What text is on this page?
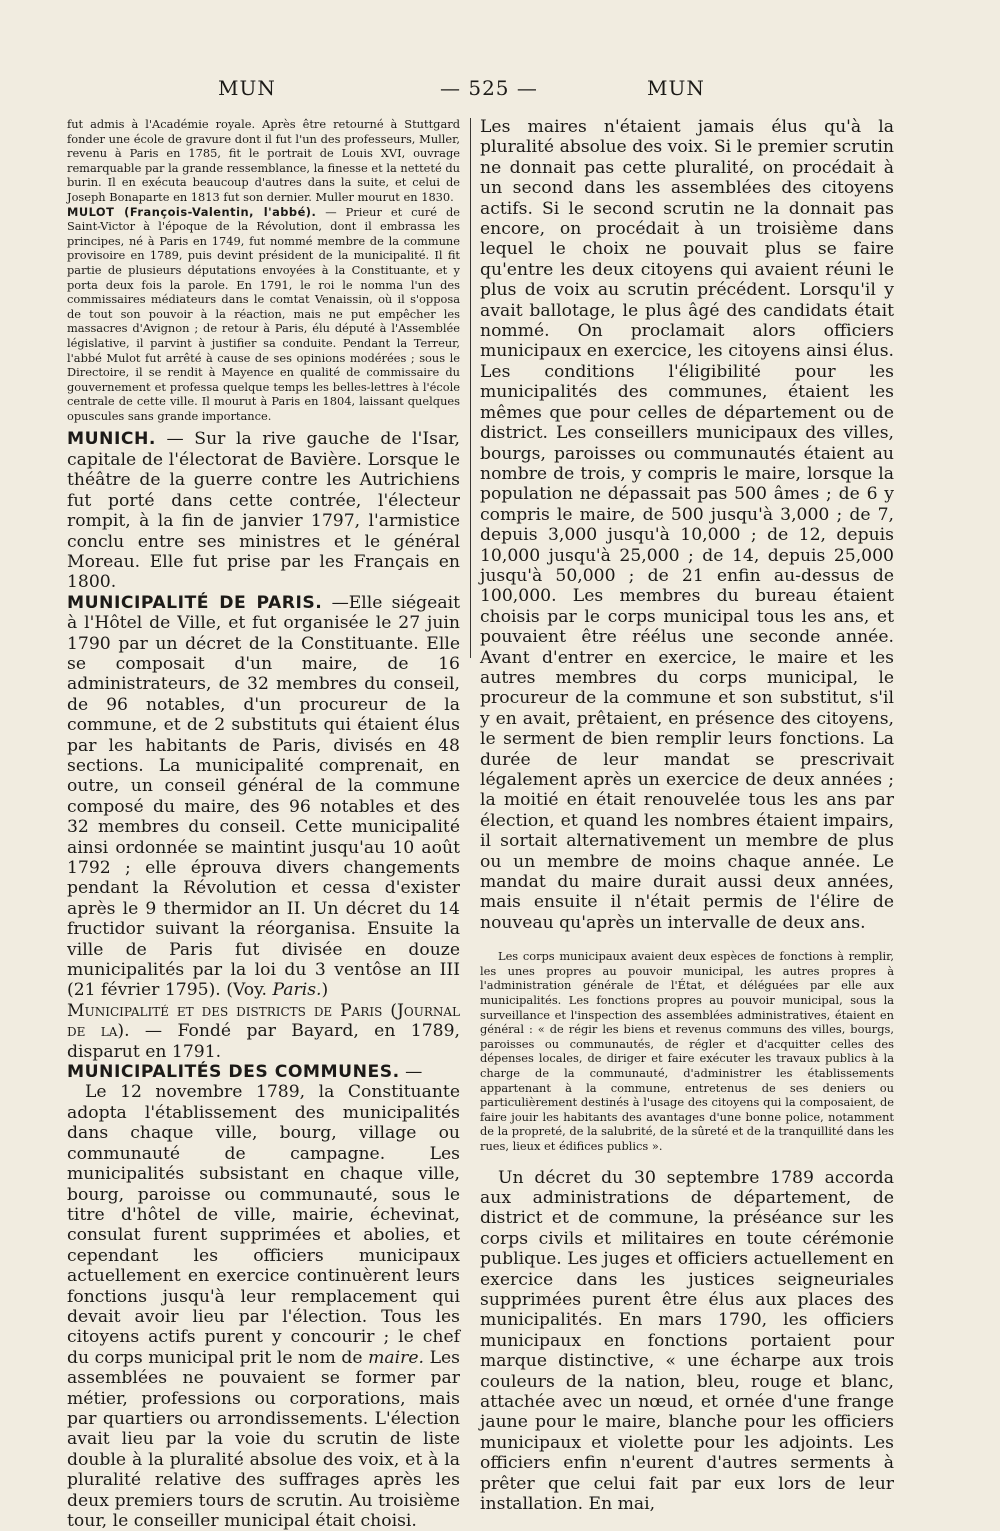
MUN	— 525 —	MUN

fut admis à l'Académie royale. Après être retourné à Stuttgard fonder une école de gravure dont il fut l'un des professeurs, Muller, revenu à Paris en 1785, fit le portrait de Louis XVI, ouvrage remarquable par la grande ressemblance, la finesse et la netteté du burin. Il en exécuta beaucoup d'autres dans la suite, et celui de Joseph Bonaparte en 1813 fut son dernier. Muller mourut en 1830.

MULOT (François-Valentin, l'abbé). — Prieur et curé de Saint-Victor à l'époque de la Révolution, dont il embrassa les principes, né à Paris en 1749, fut nommé membre de la commune provisoire en 1789, puis devint président de la municipalité. Il fit partie de plusieurs députations envoyées à la Constituante, et y porta deux fois la parole. En 1791, le roi le nomma l'un des commissaires médiateurs dans le comtat Venaissin, où il s'opposa de tout son pouvoir à la réaction, mais ne put empêcher les massacres d'Avignon ; de retour à Paris, élu député à l'Assemblée législative, il parvint à justifier sa conduite. Pendant la Terreur, l'abbé Mulot fut arrêté à cause de ses opinions modérées ; sous le Directoire, il se rendit à Mayence en qualité de commissaire du gouvernement et professa quelque temps les belles-lettres à l'école centrale de cette ville. Il mourut à Paris en 1804, laissant quelques opuscules sans grande importance.

MUNICH. — Sur la rive gauche de l'Isar, capitale de l'électorat de Bavière. Lorsque le théâtre de la guerre contre les Autrichiens fut porté dans cette contrée, l'électeur rompit, à la fin de janvier 1797, l'armistice conclu entre ses ministres et le général Moreau. Elle fut prise par les Français en 1800.

MUNICIPALITÉ DE PARIS. —Elle siégeait à l'Hôtel de Ville, et fut organisée le 27 juin 1790 par un décret de la Constituante. Elle se composait d'un maire, de 16 administrateurs, de 32 membres du conseil, de 96 notables, d'un procureur de la commune, et de 2 substituts qui étaient élus par les habitants de Paris, divisés en 48 sections. La municipalité comprenait, en outre, un conseil général de la commune composé du maire, des 96 notables et des 32 membres du conseil. Cette municipalité ainsi ordonnée se maintint jusqu'au 10 août 1792 ; elle éprouva divers changements pendant la Révolution et cessa d'exister après le 9 thermidor an II. Un décret du 14 fructidor suivant la réorganisa. Ensuite la ville de Paris fut divisée en douze municipalités par la loi du 3 ventôse an III (21 février 1795). (Voy. Paris.)

Municipalité et des districts de Paris (Journal de la). — Fondé par Bayard, en 1789, disparut en 1791.

MUNICIPALITÉS DES COMMUNES. —

Le 12 novembre 1789, la Constituante adopta l'établissement des municipalités dans chaque ville, bourg, village ou communauté de campagne. Les municipalités subsistant en chaque ville, bourg, paroisse ou communauté, sous le titre d'hôtel de ville, mairie, échevinat, consulat furent supprimées et abolies, et cependant les officiers municipaux actuellement en exercice continuèrent leurs fonctions jusqu'à leur remplacement qui devait avoir lieu par l'élection. Tous les citoyens actifs purent y concourir ; le chef du corps municipal prit le nom de maire. Les assemblées ne pouvaient se former par métier, professions ou corporations, mais par quartiers ou arrondissements. L'élection avait lieu par la voie du scrutin de liste double à la pluralité absolue des voix, et à la pluralité relative des suffrages après les deux premiers tours de scrutin. Au troisième tour, le conseiller municipal était choisi.

Les maires n'étaient jamais élus qu'à la pluralité absolue des voix. Si le premier scrutin ne donnait pas cette pluralité, on procédait à un second dans les assemblées des citoyens actifs. Si le second scrutin ne la donnait pas encore, on procédait à un troisième dans lequel le choix ne pouvait plus se faire qu'entre les deux citoyens qui avaient réuni le plus de voix au scrutin précédent. Lorsqu'il y avait ballotage, le plus âgé des candidats était nommé. On proclamait alors officiers municipaux en exercice, les citoyens ainsi élus. Les conditions l'éligibilité pour les municipalités des communes, étaient les mêmes que pour celles de département ou de district. Les conseillers municipaux des villes, bourgs, paroisses ou communautés étaient au nombre de trois, y compris le maire, lorsque la population ne dépassait pas 500 âmes ; de 6 y compris le maire, de 500 jusqu'à 3,000 ; de 7, depuis 3,000 jusqu'à 10,000 ; de 12, depuis 10,000 jusqu'à 25,000 ; de 14, depuis 25,000 jusqu'à 50,000 ; de 21 enfin au-dessus de 100,000. Les membres du bureau étaient choisis par le corps municipal tous les ans, et pouvaient être réélus une seconde année. Avant d'entrer en exercice, le maire et les autres membres du corps municipal, le procureur de la commune et son substitut, s'il y en avait, prêtaient, en présence des citoyens, le serment de bien remplir leurs fonctions. La durée de leur mandat se prescrivait légalement après un exercice de deux années ; la moitié en était renouvelée tous les ans par élection, et quand les nombres étaient impairs, il sortait alternativement un membre de plus ou un membre de moins chaque année. Le mandat du maire durait aussi deux années, mais ensuite il n'était permis de l'élire de nouveau qu'après un intervalle de deux ans.

Les corps municipaux avaient deux espèces de fonctions à remplir, les unes propres au pouvoir municipal, les autres propres à l'administration générale de l'État, et déléguées par elle aux municipalités. Les fonctions propres au pouvoir municipal, sous la surveillance et l'inspection des assemblées administratives, étaient en général : « de régir les biens et revenus communs des villes, bourgs, paroisses ou communautés, de régler et d'acquitter celles des dépenses locales, de diriger et faire exécuter les travaux publics à la charge de la communauté, d'administrer les établissements appartenant à la commune, entretenus de ses deniers ou particulièrement destinés à l'usage des citoyens qui la composaient, de faire jouir les habitants des avantages d'une bonne police, notamment de la propreté, de la salubrité, de la sûreté et de la tranquillité dans les rues, lieux et édifices publics ».

Un décret du 30 septembre 1789 accorda aux administrations de département, de district et de commune, la préséance sur les corps civils et militaires en toute cérémonie publique. Les juges et officiers actuellement en exercice dans les justices seigneuriales supprimées purent être élus aux places des municipalités. En mars 1790, les officiers municipaux en fonctions portaient pour marque distinctive, « une écharpe aux trois couleurs de la nation, bleu, rouge et blanc, attachée avec un nœud, et ornée d'une frange jaune pour le maire, blanche pour les officiers municipaux et violette pour les adjoints. Les officiers enfin n'eurent d'autres serments à prêter que celui fait par eux lors de leur installation. En mai,
